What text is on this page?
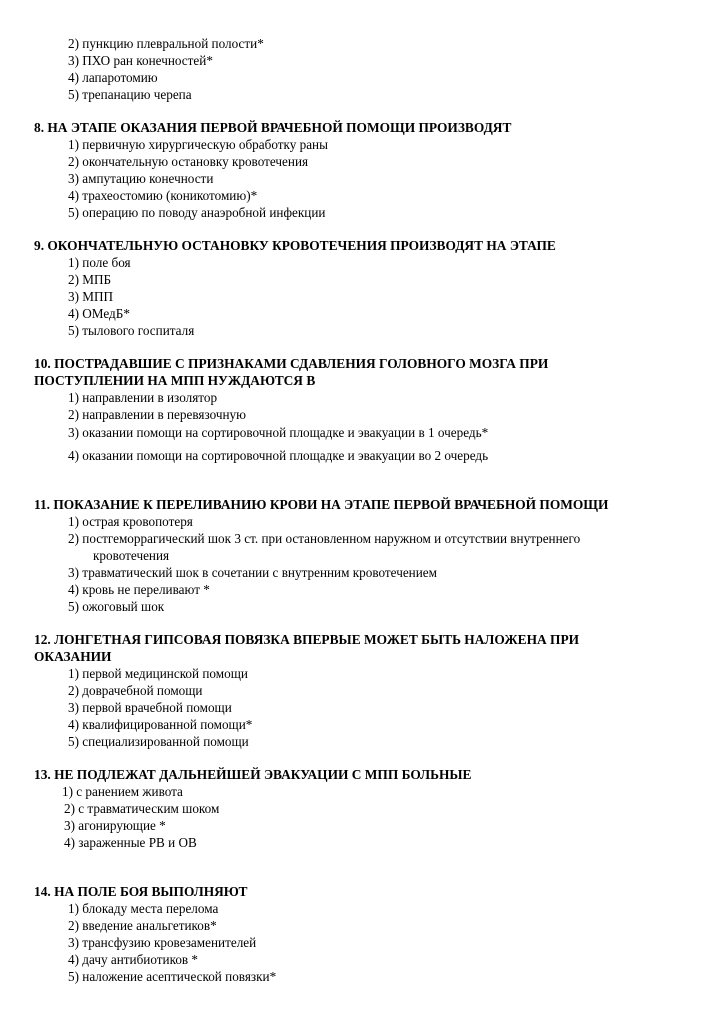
2) пункцию плевральной полости*
3) ПХО ран конечностей*
4) лапаротомию
5) трепанацию черепа
8. НА ЭТАПЕ ОКАЗАНИЯ ПЕРВОЙ ВРАЧЕБНОЙ ПОМОЩИ ПРОИЗВОДЯТ
1) первичную хирургическую обработку раны
2) окончательную остановку кровотечения
3) ампутацию конечности
4) трахеостомию (коникотомию)*
5) операцию по поводу анаэробной инфекции
9. ОКОНЧАТЕЛЬНУЮ ОСТАНОВКУ КРОВОТЕЧЕНИЯ ПРОИЗВОДЯТ НА ЭТАПЕ
1) поле боя
2) МПБ
3) МПП
4) ОМедБ*
5) тылового госпиталя
10. ПОСТРАДАВШИЕ С ПРИЗНАКАМИ СДАВЛЕНИЯ ГОЛОВНОГО МОЗГА ПРИ
ПОСТУПЛЕНИИ НА МПП НУЖДАЮТСЯ В
1) направлении в изолятор
2) направлении в перевязочную
3) оказании помощи на сортировочной площадке и эвакуации в 1 очередь*
4) оказании помощи на сортировочной площадке и эвакуации во 2 очередь
11. ПОКАЗАНИЕ К ПЕРЕЛИВАНИЮ КРОВИ НА ЭТАПЕ ПЕРВОЙ ВРАЧЕБНОЙ ПОМОЩИ
1) острая кровопотеря
2) постгеморрагический шок 3 ст. при остановленном наружном и отсутствии внутреннего
кровотечения
3) травматический шок в сочетании с внутренним кровотечением
4) кровь не переливают *
5) ожоговый шок
12. ЛОНГЕТНАЯ ГИПСОВАЯ ПОВЯЗКА ВПЕРВЫЕ МОЖЕТ БЫТЬ НАЛОЖЕНА ПРИ
ОКАЗАНИИ
1) первой медицинской помощи
2) доврачебной помощи
3) первой врачебной помощи
4) квалифицированной помощи*
5) специализированной помощи
13. НЕ ПОДЛЕЖАТ ДАЛЬНЕЙШЕЙ ЭВАКУАЦИИ С МПП БОЛЬНЫЕ
1) с ранением живота
2) с травматическим шоком
3) агонирующие *
4) зараженные РВ и ОВ
14. НА ПОЛЕ БОЯ ВЫПОЛНЯЮТ
1) блокаду места перелома
2) введение анальгетиков*
3) трансфузию кровезаменителей
4) дачу антибиотиков *
5) наложение асептической повязки*
